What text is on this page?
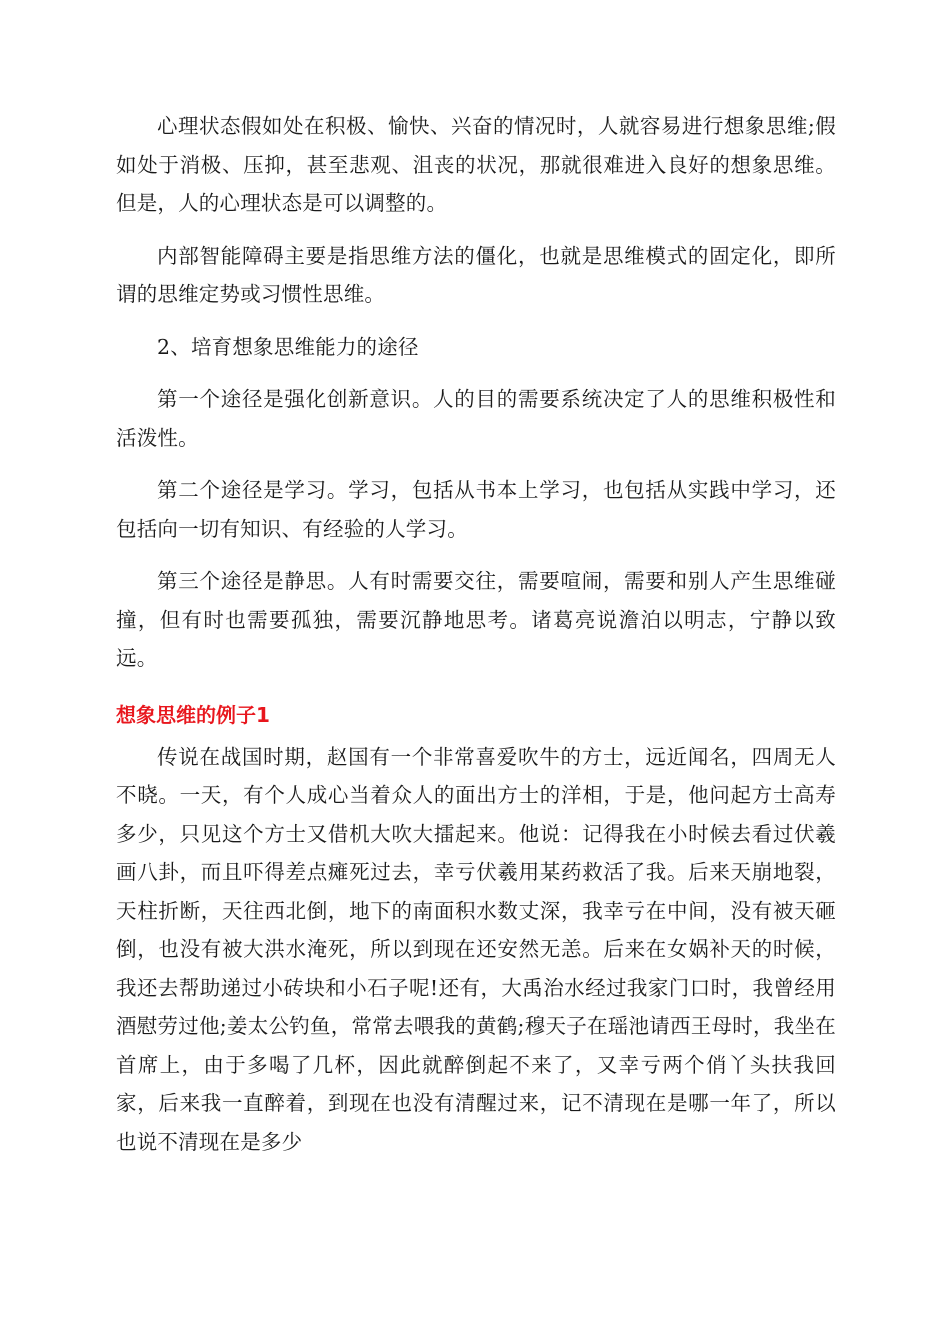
心理状态假如处在积极、愉快、兴奋的情况时，人就容易进行想象思维;假如处于消极、压抑，甚至悲观、沮丧的状况，那就很难进入良好的想象思维。但是，人的心理状态是可以调整的。

内部智能障碍主要是指思维方法的僵化，也就是思维模式的固定化，即所谓的思维定势或习惯性思维。

2、培育想象思维能力的途径

第一个途径是强化创新意识。人的目的需要系统决定了人的思维积极性和活泼性。

第二个途径是学习。学习，包括从书本上学习，也包括从实践中学习，还包括向一切有知识、有经验的人学习。

第三个途径是静思。人有时需要交往，需要喧闹，需要和别人产生思维碰撞，但有时也需要孤独，需要沉静地思考。诸葛亮说澹泊以明志，宁静以致远。

想象思维的例子1

传说在战国时期，赵国有一个非常喜爱吹牛的方士，远近闻名，四周无人不晓。一天，有个人成心当着众人的面出方士的洋相，于是，他问起方士高寿多少，只见这个方士又借机大吹大擂起来。他说：记得我在小时候去看过伏羲画八卦，而且吓得差点瘫死过去，幸亏伏羲用某药救活了我。后来天崩地裂，天柱折断，天往西北倒，地下的南面积水数丈深，我幸亏在中间，没有被天砸倒，也没有被大洪水淹死，所以到现在还安然无恙。后来在女娲补天的时候，我还去帮助递过小砖块和小石子呢!还有，大禹治水经过我家门口时，我曾经用酒慰劳过他;姜太公钓鱼，常常去喂我的黄鹤;穆天子在瑶池请西王母时，我坐在首席上，由于多喝了几杯，因此就醉倒起不来了，又幸亏两个俏丫头扶我回家，后来我一直醉着，到现在也没有清醒过来，记不清现在是哪一年了，所以也说不清现在是多少
